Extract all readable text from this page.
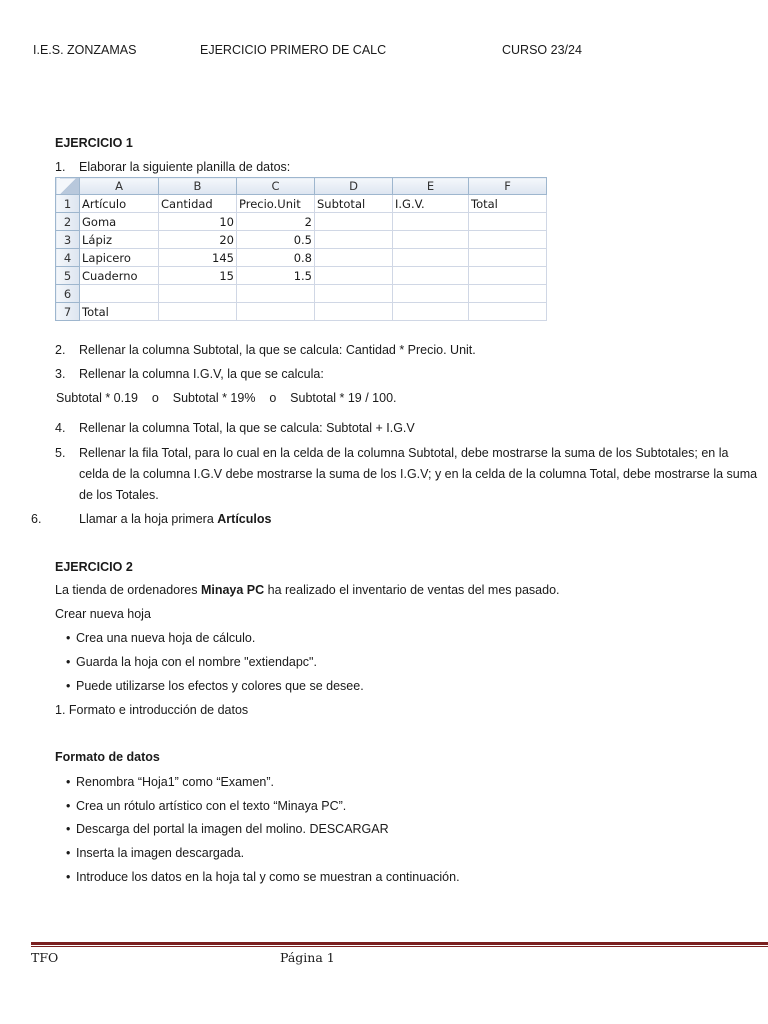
I.E.S. ZONZAMAS	EJERCICIO PRIMERO DE CALC	CURSO 23/24
EJERCICIO 1
1. Elaborar la siguiente planilla de datos:
	A	B	C	D	E	F
1	Artículo	Cantidad	Precio.Unit	Subtotal	I.G.V.	Total
2	Goma	10	2			
3	Lápiz	20	0.5			
4	Lapicero	145	0.8			
5	Cuaderno	15	1.5			
6						
7	Total					
2. Rellenar la columna Subtotal, la que se calcula: Cantidad * Precio. Unit.
3. Rellenar la columna I.G.V, la que se calcula:
Subtotal * 0.19    o    Subtotal * 19%    o    Subtotal * 19 / 100.
4. Rellenar la columna Total, la que se calcula: Subtotal + I.G.V
5. Rellenar la fila Total, para lo cual en la celda de la columna Subtotal, debe mostrarse la suma de los Subtotales; en la
celda de la columna I.G.V debe mostrarse la suma de los I.G.V; y en la celda de la columna Total, debe mostrarse la suma
de los Totales.
6.	Llamar a la hoja primera Artículos
EJERCICIO 2
La tienda de ordenadores Minaya PC ha realizado el inventario de ventas del mes pasado.
Crear nueva hoja
• Crea una nueva hoja de cálculo.
• Guarda la hoja con el nombre "extiendapc".
• Puede utilizarse los efectos y colores que se desee.
1. Formato e introducción de datos
Formato de datos
• Renombra “Hoja1” como “Examen”.
• Crea un rótulo artístico con el texto “Minaya PC”.
• Descarga del portal la imagen del molino. DESCARGAR
• Inserta la imagen descargada.
• Introduce los datos en la hoja tal y como se muestran a continuación.
TFO	Página 1
